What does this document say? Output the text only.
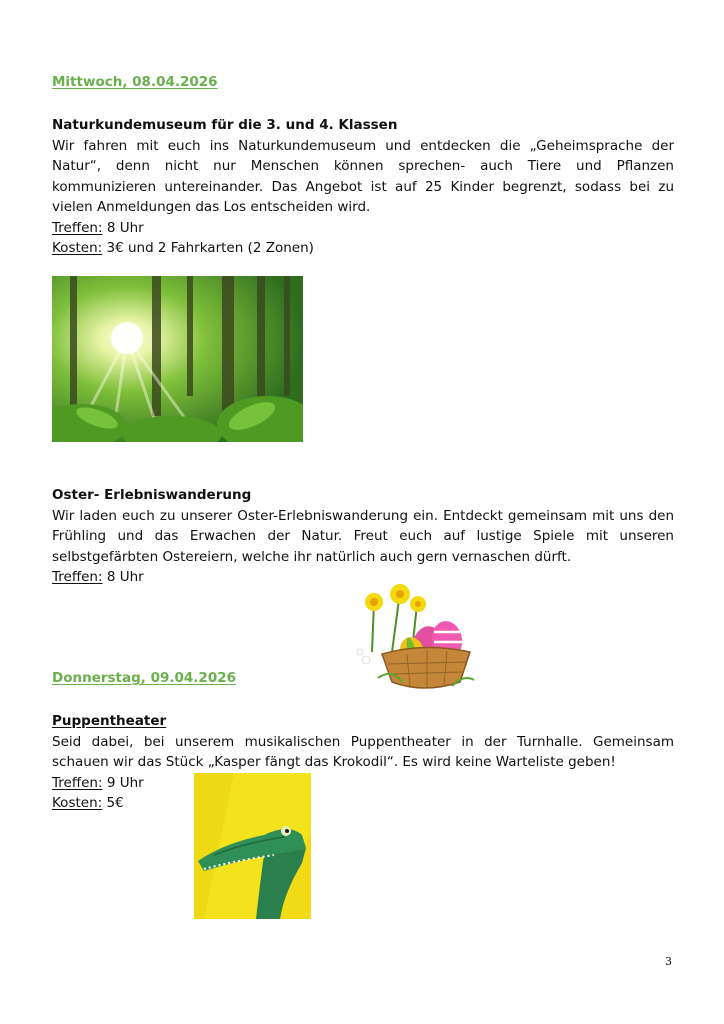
Mittwoch, 08.04.2026
Naturkundemuseum für die 3. und 4. Klassen
Wir fahren mit euch ins Naturkundemuseum und entdecken die „Geheimsprache der Natur“, denn nicht nur Menschen können sprechen- auch Tiere und Pflanzen kommunizieren untereinander. Das Angebot ist auf 25 Kinder begrenzt, sodass bei zu vielen Anmeldungen das Los entscheiden wird.
Treffen: 8 Uhr
Kosten: 3€ und 2 Fahrkarten (2 Zonen)
Oster- Erlebniswanderung
Wir laden euch zu unserer Oster-Erlebniswanderung ein. Entdeckt gemeinsam mit uns den Frühling und das Erwachen der Natur. Freut euch auf lustige Spiele mit unseren selbstgefärbten Ostereiern, welche ihr natürlich auch gern vernaschen dürft.
Treffen: 8 Uhr
Donnerstag, 09.04.2026
Puppentheater
Seid dabei, bei unserem musikalischen Puppentheater in der Turnhalle. Gemeinsam schauen wir das Stück „Kasper fängt das Krokodil“. Es wird keine Warteliste geben!
Treffen: 9 Uhr
Kosten: 5€
3
